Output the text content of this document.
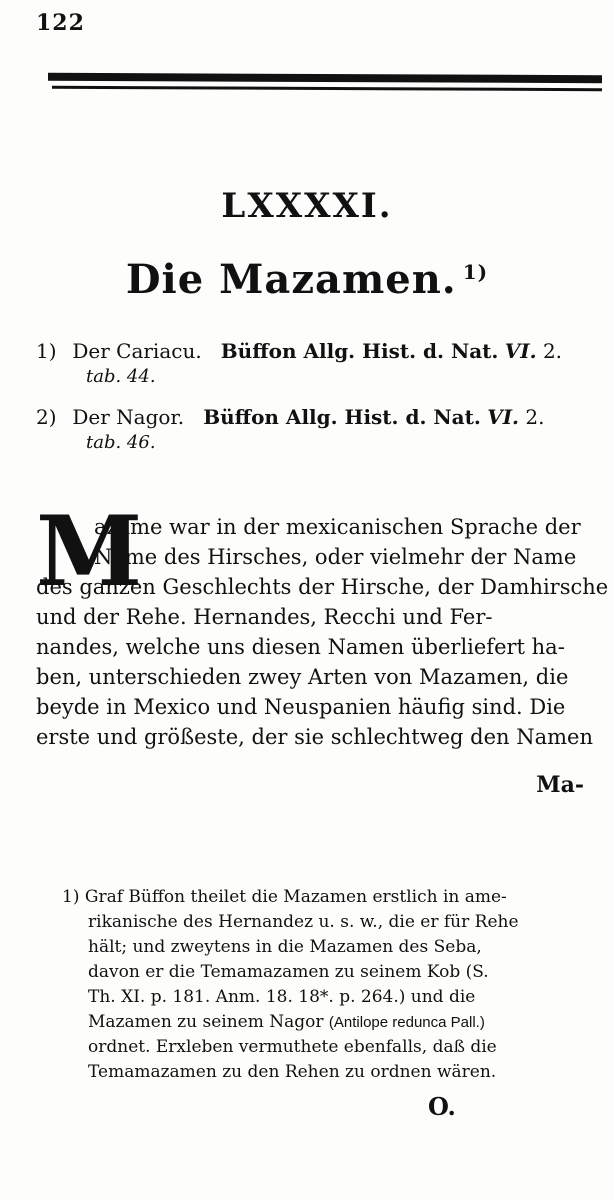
122
LXXXXI.
Die Mazamen. $^{1)}$
1) Der Cariacu. Büffon Allg. Hist. d. Nat. VI. 2.
tab. 44.
2) Der Nagor. Büffon Allg. Hist. d. Nat. VI. 2.
tab. 46.
M
azame war in der mexicanischen Sprache der
Name des Hirsches, oder vielmehr der Name
des ganzen Geschlechts der Hirsche, der Damhirsche
und der Rehe. Hernandes, Recchi und Fer-
nandes, welche uns diesen Namen überliefert ha-
ben, unterschieden zwey Arten von Mazamen, die
beyde in Mexico und Neuspanien häufig sind. Die
erste und größeste, der sie schlechtweg den Namen
Ma-
1) Graf Büffon theilet die Mazamen erstlich in ame-
rikanische des Hernandez u. s. w., die er für Rehe
hält; und zweytens in die Mazamen des Seba,
davon er die Temamazamen zu seinem Kob (S.
Th. XI. p. 181. Anm. 18. 18*. p. 264.) und die
Mazamen zu seinem Nagor (Antilope redunca Pall.)
ordnet. Erxleben vermuthete ebenfalls, daß die
Temamazamen zu den Rehen zu ordnen wären.
O.
